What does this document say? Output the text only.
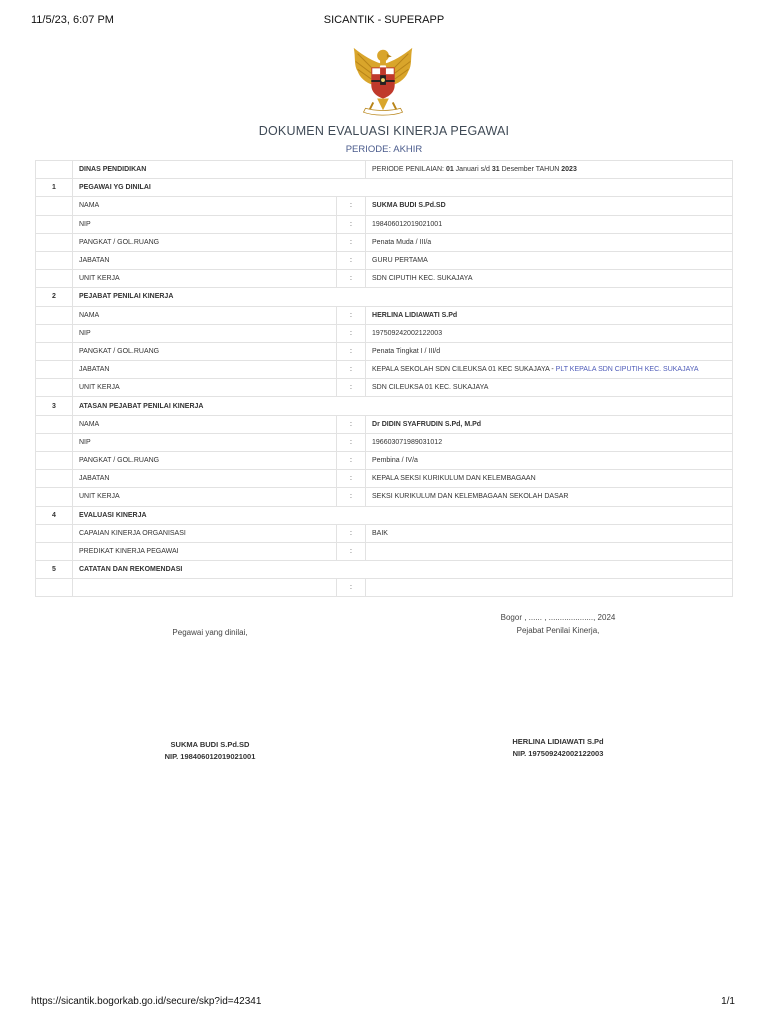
11/5/23, 6:07 PM	SICANTIK - SUPERAPP
DOKUMEN EVALUASI KINERJA PEGAWAI
PERIODE: AKHIR
	DINAS PENDIDIKAN		PERIODE PENILAIAN: 01 Januari s/d 31 Desember TAHUN 2023
1	PEGAWAI YG DINILAI		
	NAMA	:	SUKMA BUDI S.Pd.SD
	NIP	:	198406012019021001
	PANGKAT / GOL.RUANG	:	Penata Muda / III/a
	JABATAN	:	GURU PERTAMA
	UNIT KERJA	:	SDN CIPUTIH KEC. SUKAJAYA
2	PEJABAT PENILAI KINERJA		
	NAMA	:	HERLINA LIDIAWATI S.Pd
	NIP	:	197509242002122003
	PANGKAT / GOL.RUANG	:	Penata Tingkat I / III/d
	JABATAN	:	KEPALA SEKOLAH SDN CILEUKSA 01 KEC SUKAJAYA - PLT KEPALA SDN CIPUTIH KEC. SUKAJAYA
	UNIT KERJA	:	SDN CILEUKSA 01 KEC. SUKAJAYA
3	ATASAN PEJABAT PENILAI KINERJA		
	NAMA	:	Dr DIDIN SYAFRUDIN S.Pd, M.Pd
	NIP	:	196603071989031012
	PANGKAT / GOL.RUANG	:	Pembina / IV/a
	JABATAN	:	KEPALA SEKSI KURIKULUM DAN KELEMBAGAAN
	UNIT KERJA	:	SEKSI KURIKULUM DAN KELEMBAGAAN SEKOLAH DASAR
4	EVALUASI KINERJA		
	CAPAIAN KINERJA ORGANISASI	:	BAIK
	PREDIKAT KINERJA PEGAWAI	:	
5	CATATAN DAN REKOMENDASI		
		:	
Pegawai yang dinilai,
Bogor , ...... , ...................., 2024
Pejabat Penilai Kinerja,
SUKMA BUDI S.Pd.SD
NIP. 198406012019021001
HERLINA LIDIAWATI S.Pd
NIP. 197509242002122003
https://sicantik.bogorkab.go.id/secure/skp?id=42341	1/1
